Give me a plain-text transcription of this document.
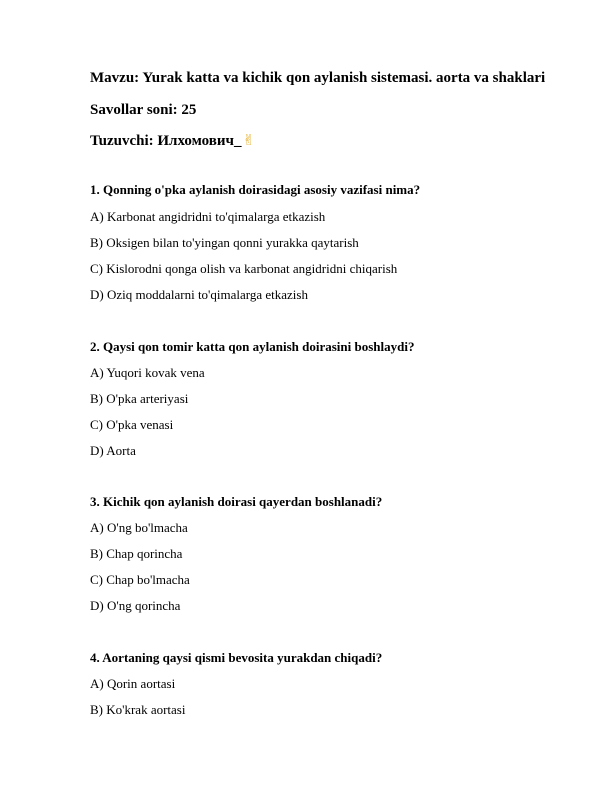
Mavzu: Yurak katta va kichik qon aylanish sistemasi. aorta va shaklari
Savollar soni: 25
Tuzuvchi: Илхомович_✌
1. Qonning o'pka aylanish doirasidagi asosiy vazifasi nima?
A) Karbonat angidridni to'qimalarga etkazish
B) Oksigen bilan to'yingan qonni yurakka qaytarish
C) Kislorodni qonga olish va karbonat angidridni chiqarish
D) Oziq moddalarni to'qimalarga etkazish
2. Qaysi qon tomir katta qon aylanish doirasini boshlaydi?
A) Yuqori kovak vena
B) O'pka arteriyasi
C) O'pka venasi
D) Aorta
3. Kichik qon aylanish doirasi qayerdan boshlanadi?
A) O'ng bo'lmacha
B) Chap qorincha
C) Chap bo'lmacha
D) O'ng qorincha
4. Aortaning qaysi qismi bevosita yurakdan chiqadi?
A) Qorin aortasi
B) Ko'krak aortasi
